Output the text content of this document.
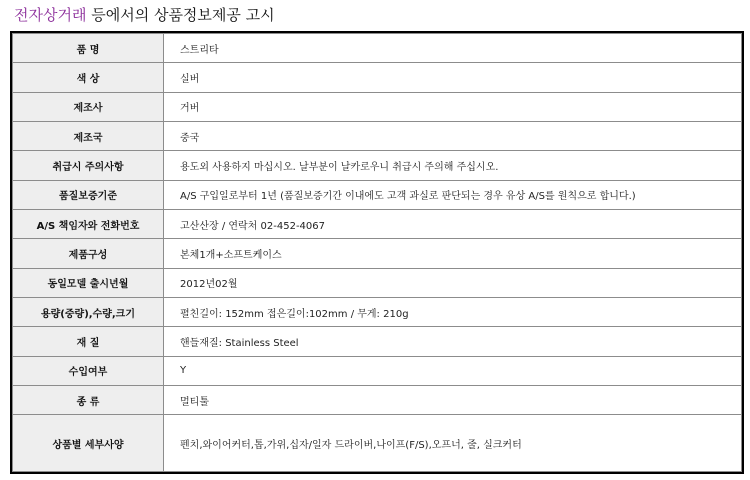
전자상거래 등에서의 상품정보제공 고시
품 명	스트리타
색 상	실버
제조사	거버
제조국	중국
취급시 주의사항	용도외 사용하지 마십시오. 날부분이 날카로우니 취급시 주의해 주십시오.
품질보증기준	A/S 구입일로부터 1년 (품질보증기간 이내에도 고객 과실로 판단되는 경우 유상 A/S를 원칙으로 합니다.)
A/S 책임자와 전화번호	고산산장 / 연락처 02-452-4067
제품구성	본체1개+소프트케이스
동일모델 출시년월	2012년02월
용량(중량),수량,크기	펼친길이: 152mm 접은길이:102mm / 무게: 210g
재 질	핸들재질: Stainless Steel
수입여부	Y
종 류	멀티툴
상품별 세부사양	펜치,와이어커터,톱,가위,십자/일자 드라이버,나이프(F/S),오프너, 줄, 실크커터
